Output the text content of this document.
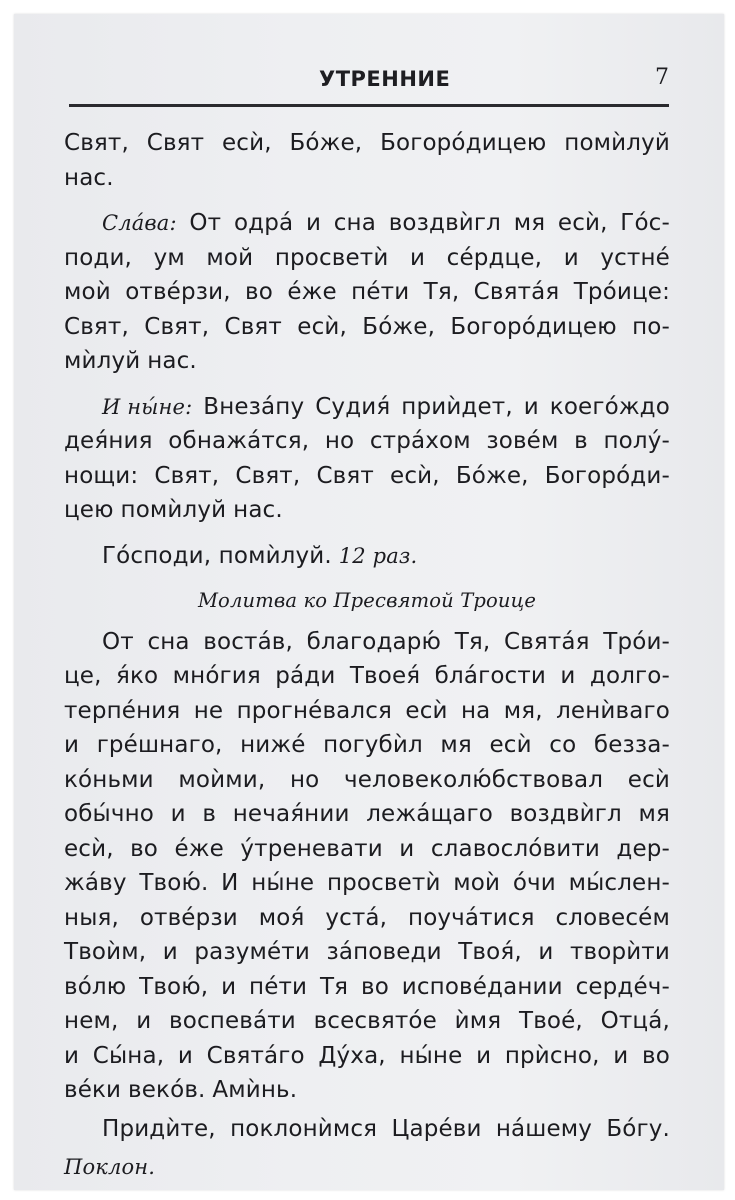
УТРЕННИЕ	7
Свят, Свят есѝ, Бо́же, Богоро́дицею помѝлуй
нас.
Сла́ва: От одра́ и сна воздвѝгл мя есѝ, Го́с-
поди, ум мой просветѝ и се́рдце, и устне́
моѝ отве́рзи, во е́же пе́ти Тя, Свята́я Тро́ице:
Свят, Свят, Свят есѝ, Бо́же, Богоро́дицею по-
мѝлуй нас.
И ны́не: Внеза́пу Судия́ приѝдет, и коего́ждо
дея́ния обнажа́тся, но стра́хом зове́м в полу́-
нощи: Свят, Свят, Свят есѝ, Бо́же, Богоро́ди-
цею помѝлуй нас.
Го́споди, помѝлуй. 12 раз.
Молитва ко Пресвятой Троице
От сна воста́в, благодарю́ Тя, Свята́я Тро́и-
це, я́ко мно́гия ра́ди Твоея́ бла́гости и долго-
терпе́ния не прогне́вался есѝ на мя, ленѝваго
и гре́шнаго, ниже́ погубѝл мя есѝ со безза-
ко́ньми моѝми, но человеколю́бствовал есѝ
обы́чно и в нечая́нии лежа́щаго воздвѝгл мя
есѝ, во е́же у́треневати и славосло́вити дер-
жа́ву Твою́. И ны́не просветѝ моѝ о́чи мы́слен-
ныя, отве́рзи моя́ уста́, поуча́тися словесе́м
Твоѝм, и разуме́ти за́поведи Твоя́, и творѝти
во́лю Твою́, и пе́ти Тя во испове́дании серде́ч-
нем, и воспева́ти всесвято́е ѝмя Твое́, Отца́,
и Сы́на, и Свята́го Ду́ха, ны́не и прѝсно, и во
ве́ки веко́в. Амѝнь.
Придѝте, поклонѝмся Царе́ви на́шему Бо́гу.
Поклон.
